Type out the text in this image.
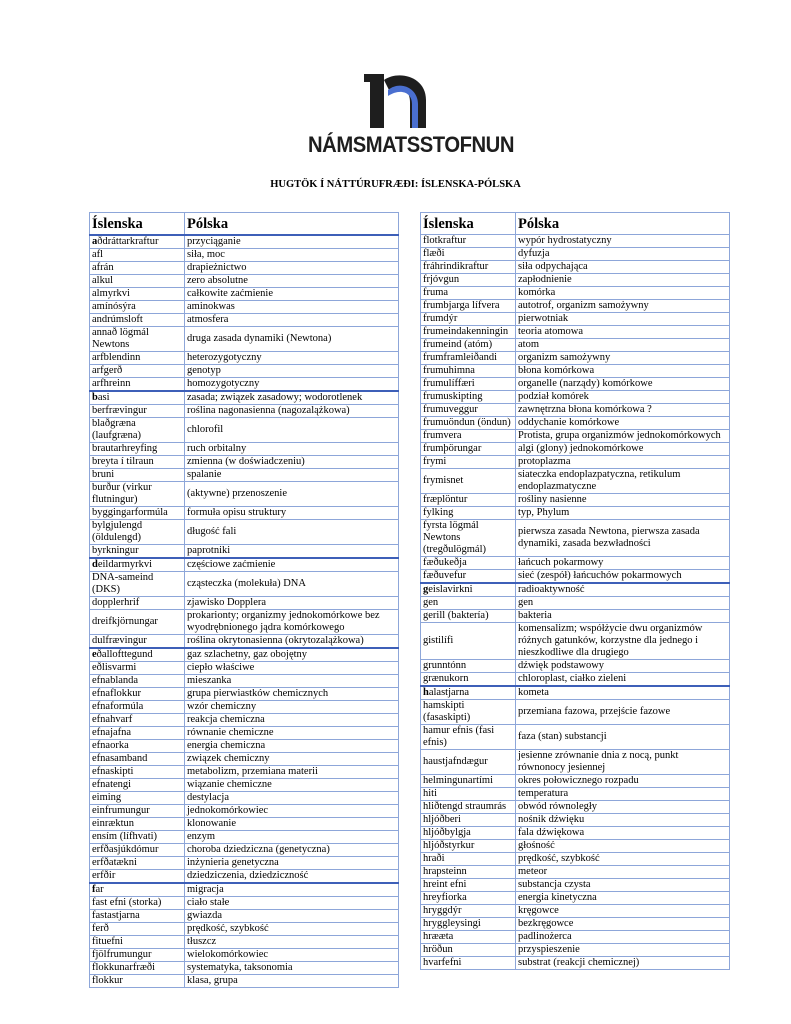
NÁMSMATSSTOFNUN
HUGTÖK Í NÁTTÚRUFRÆÐI: ÍSLENSKA-PÓLSKA
Íslenska	Pólska
aðdráttarkraftur	przyciąganie
afl	siła, moc
afrán	drapieżnictwo
alkul	zero absolutne
almyrkvi	całkowite zaćmienie
amínósýra	aminokwas
andrúmsloft	atmosfera
annað lögmál Newtons	druga zasada dynamiki (Newtona)
arfblendinn	heterozygotyczny
arfgerð	genotyp
arfhreinn	homozygotyczny
basi	zasada; związek zasadowy; wodorotlenek
berfrævingur	roślina nagonasienna (nagozalążkowa)
blaðgræna (laufgræna)	chlorofil
brautarhreyfing	ruch orbitalny
breyta í tilraun	zmienna (w doświadczeniu)
bruni	spalanie
burður (virkur flutningur)	(aktywne) przenoszenie
byggingarformúla	formuła opisu struktury
bylgjulengd (öldulengd)	długość fali
byrkningur	paprotniki
deildarmyrkvi	częściowe zaćmienie
DNA-sameind (DKS)	cząsteczka (molekuła) DNA
dopplerhrif	zjawisko Dopplera
dreifkjörnungar	prokarionty; organizmy jednokomórkowe bez wyodrębnionego jądra komórkowego
dulfrævingur	roślina okrytonasienna (okrytozalążkowa)
eðallofttegund	gaz szlachetny, gaz obojętny
eðlisvarmi	ciepło właściwe
efnablanda	mieszanka
efnaflokkur	grupa pierwiastków chemicznych
efnaformúla	wzór chemiczny
efnahvarf	reakcja chemiczna
efnajafna	równanie chemiczne
efnaorka	energia chemiczna
efnasamband	związek chemiczny
efnaskipti	metabolizm, przemiana materii
efnatengi	wiązanie chemiczne
eiming	destylacja
einfrumungur	jednokomórkowiec
einræktun	klonowanie
ensím (lífhvati)	enzym
erfðasjúkdómur	choroba dziedziczna (genetyczna)
erfðatækni	inżynieria genetyczna
erfðir	dziedziczenia, dziedziczność
far	migracja
fast efni (storka)	ciało stałe
fastastjarna	gwiazda
ferð	prędkość, szybkość
fituefni	tłuszcz
fjölfrumungur	wielokomórkowiec
flokkunarfræði	systematyka, taksonomia
flokkur	klasa, grupa
Íslenska	Pólska
flotkraftur	wypór hydrostatyczny
flæði	dyfuzja
fráhrindikraftur	siła odpychająca
frjóvgun	zapłodnienie
fruma	komórka
frumbjarga lífvera	autotrof, organizm samożywny
frumdýr	pierwotniak
frumeindakenningin	teoria atomowa
frumeind (atóm)	atom
frumframleiðandi	organizm samożywny
frumuhimna	błona komórkowa
frumulíffæri	organelle (narządy) komórkowe
frumuskipting	podział komórek
frumuveggur	zawnętrzna błona komórkowa ?
frumuöndun (öndun)	oddychanie komórkowe
frumvera	Protista, grupa organizmów jednokomórkowych
frumþörungar	algi (glony) jednokomórkowe
frymi	protoplazma
frymisnet	siateczka endoplazpatyczna, retikulum endoplazmatyczne
fræplöntur	rośliny nasienne
fylking	typ, Phylum
fyrsta lögmál Newtons (tregðulögmál)	pierwsza zasada Newtona, pierwsza zasada dynamiki, zasada bezwładności
fæðukeðja	łańcuch pokarmowy
fæðuvefur	sieć (zespół) łańcuchów pokarmowych
geislavirkni	radioaktywność
gen	gen
gerill (baktería)	bakteria
gistilífi	komensalizm; współżycie dwu organizmów różnych gatunków, korzystne dla jednego i nieszkodliwe dla drugiego
grunntónn	dźwięk podstawowy
grænukorn	chloroplast, ciałko zieleni
halastjarna	kometa
hamskipti (fasaskipti)	przemiana fazowa, przejście fazowe
hamur efnis (fasi efnis)	faza (stan) substancji
haustjafndægur	jesienne zrównanie dnia z nocą, punkt równonocy jesiennej
helmingunartími	okres połowicznego rozpadu
hiti	temperatura
hliðtengd straumrás	obwód równoległy
hljóðberi	nośnik dźwięku
hljóðbylgja	fala dźwiękowa
hljóðstyrkur	głośność
hraði	prędkość, szybkość
hrapsteinn	meteor
hreint efni	substancja czysta
hreyfiorka	energia kinetyczna
hryggdýr	kręgowce
hryggleysingi	bezkręgowce
hrææta	padlinożerca
hröðun	przyspieszenie
hvarfefni	substrat (reakcji chemicznej)
